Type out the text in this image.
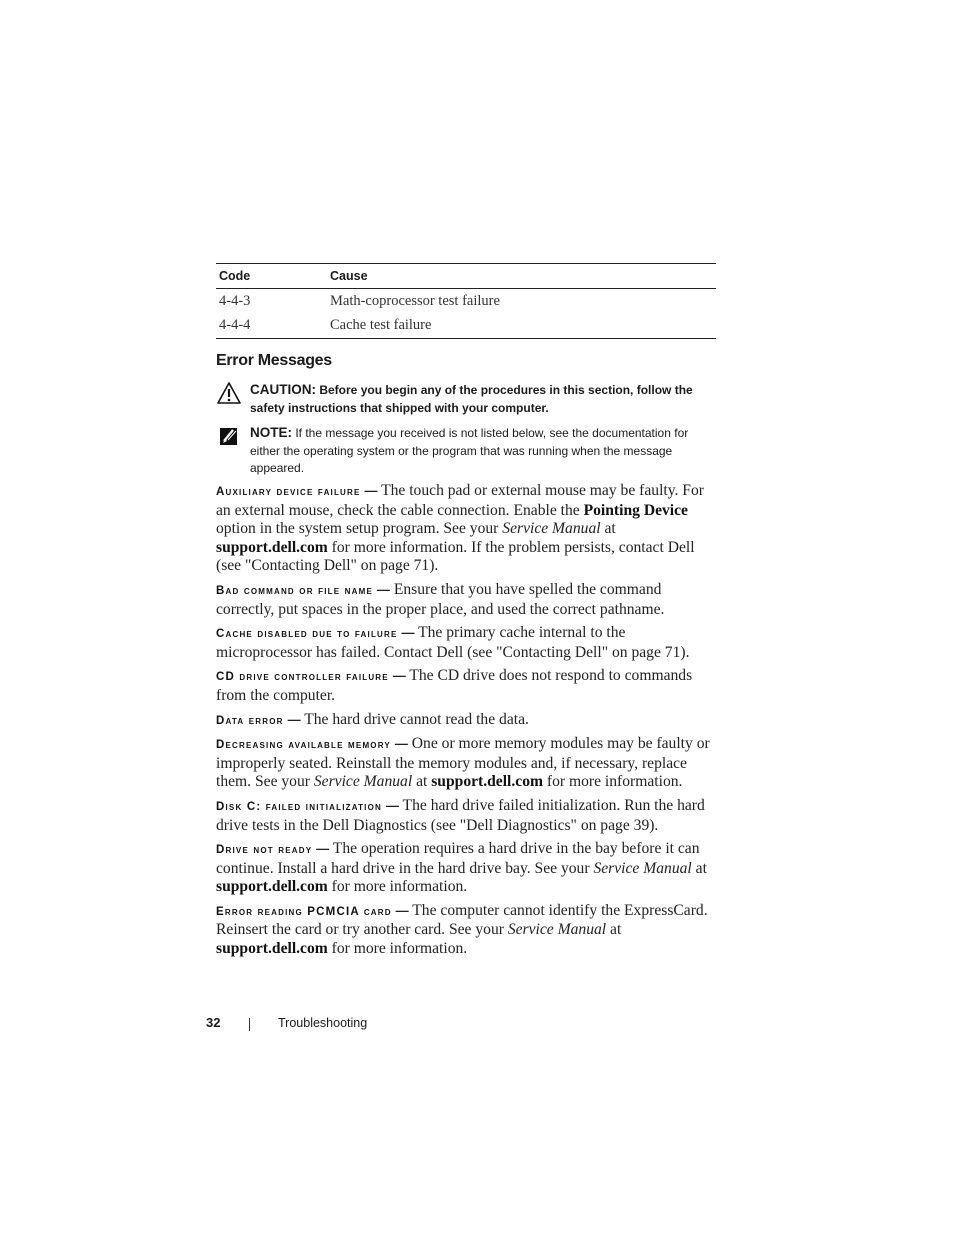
Code	Cause
4-4-3	Math-coprocessor test failure
4-4-4	Cache test failure
Error Messages
CAUTION: Before you begin any of the procedures in this section, follow the safety instructions that shipped with your computer.
NOTE: If the message you received is not listed below, see the documentation for either the operating system or the program that was running when the message appeared.

Auxiliary device failure — The touch pad or external mouse may be faulty. For an external mouse, check the cable connection. Enable the Pointing Device option in the system setup program. See your Service Manual at support.dell.com for more information. If the problem persists, contact Dell (see "Contacting Dell" on page 71).

Bad command or file name — Ensure that you have spelled the command correctly, put spaces in the proper place, and used the correct pathname.

Cache disabled due to failure — The primary cache internal to the microprocessor has failed. Contact Dell (see "Contacting Dell" on page 71).

CD drive controller failure — The CD drive does not respond to commands from the computer.

Data error — The hard drive cannot read the data.

Decreasing available memory — One or more memory modules may be faulty or improperly seated. Reinstall the memory modules and, if necessary, replace them. See your Service Manual at support.dell.com for more information.

Disk C: failed initialization — The hard drive failed initialization. Run the hard drive tests in the Dell Diagnostics (see "Dell Diagnostics" on page 39).

Drive not ready — The operation requires a hard drive in the bay before it can continue. Install a hard drive in the hard drive bay. See your Service Manual at support.dell.com for more information.

Error reading PCMCIA card — The computer cannot identify the ExpressCard. Reinsert the card or try another card. See your Service Manual at support.dell.com for more information.

32	Troubleshooting
